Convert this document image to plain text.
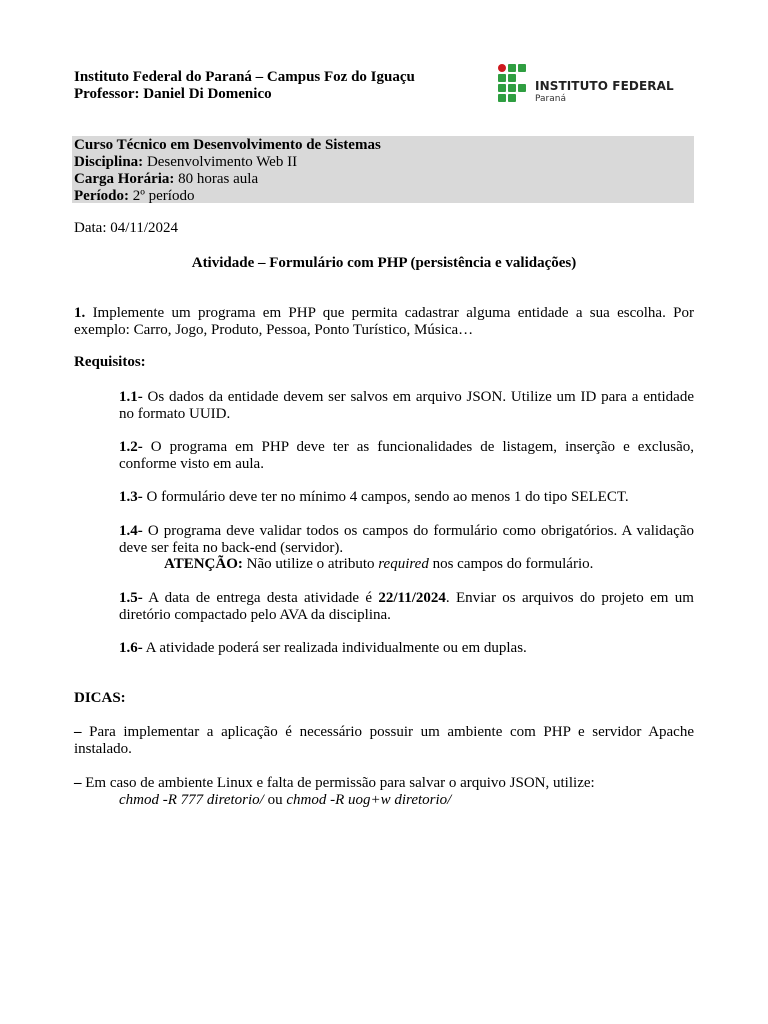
Instituto Federal do Paraná – Campus Foz do Iguaçu
Professor: Daniel Di Domenico	INSTITUTO FEDERAL
Paraná
Curso Técnico em Desenvolvimento de Sistemas
Disciplina: Desenvolvimento Web II
Carga Horária: 80 horas aula
Período: 2º período
Data: 04/11/2024
Atividade – Formulário com PHP (persistência e validações)
1. Implemente um programa em PHP que permita cadastrar alguma entidade a sua escolha. Por exemplo: Carro, Jogo, Produto, Pessoa, Ponto Turístico, Música…
Requisitos:
1.1- Os dados da entidade devem ser salvos em arquivo JSON. Utilize um ID para a entidade no formato UUID.
1.2- O programa em PHP deve ter as funcionalidades de listagem, inserção e exclusão, conforme visto em aula.
1.3- O formulário deve ter no mínimo 4 campos, sendo ao menos 1 do tipo SELECT.
1.4- O programa deve validar todos os campos do formulário como obrigatórios. A validação deve ser feita no back-end (servidor).
ATENÇÃO: Não utilize o atributo required nos campos do formulário.
1.5- A data de entrega desta atividade é 22/11/2024. Enviar os arquivos do projeto em um diretório compactado pelo AVA da disciplina.
1.6- A atividade poderá ser realizada individualmente ou em duplas.
DICAS:
– Para implementar a aplicação é necessário possuir um ambiente com PHP e servidor Apache instalado.
– Em caso de ambiente Linux e falta de permissão para salvar o arquivo JSON, utilize:
chmod -R 777 diretorio/ ou chmod -R uog+w diretorio/
